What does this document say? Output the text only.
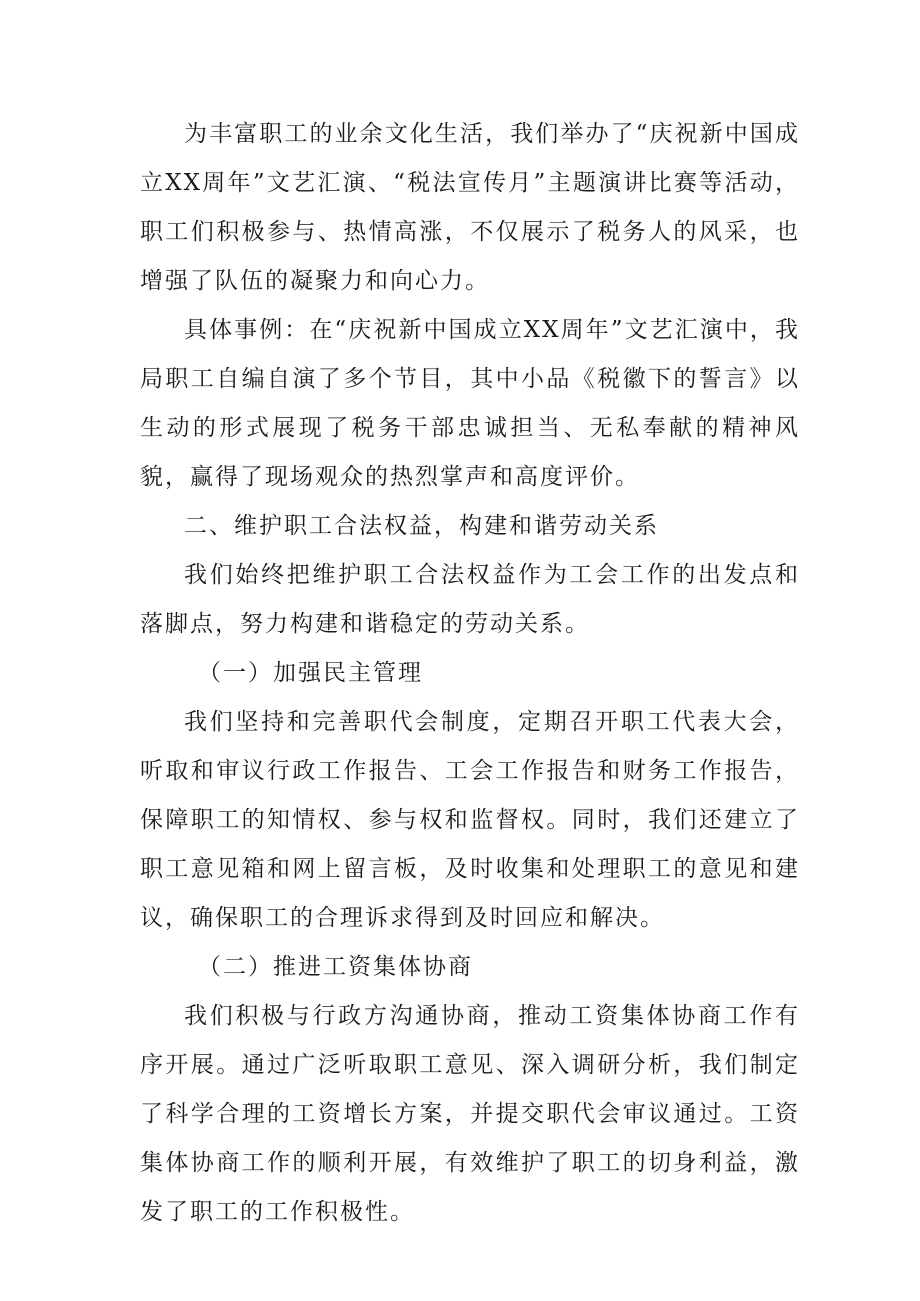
为丰富职工的业余文化生活，我们举办了“庆祝新中国成立XX周年”文艺汇演、“税法宣传月”主题演讲比赛等活动，职工们积极参与、热情高涨，不仅展示了税务人的风采，也增强了队伍的凝聚力和向心力。

具体事例：在“庆祝新中国成立XX周年”文艺汇演中，我局职工自编自演了多个节目，其中小品《税徽下的誓言》以生动的形式展现了税务干部忠诚担当、无私奉献的精神风貌，赢得了现场观众的热烈掌声和高度评价。

二、维护职工合法权益，构建和谐劳动关系

我们始终把维护职工合法权益作为工会工作的出发点和落脚点，努力构建和谐稳定的劳动关系。

（一）加强民主管理

我们坚持和完善职代会制度，定期召开职工代表大会，听取和审议行政工作报告、工会工作报告和财务工作报告，保障职工的知情权、参与权和监督权。同时，我们还建立了职工意见箱和网上留言板，及时收集和处理职工的意见和建议，确保职工的合理诉求得到及时回应和解决。

（二）推进工资集体协商

我们积极与行政方沟通协商，推动工资集体协商工作有序开展。通过广泛听取职工意见、深入调研分析，我们制定了科学合理的工资增长方案，并提交职代会审议通过。工资集体协商工作的顺利开展，有效维护了职工的切身利益，激发了职工的工作积极性。
